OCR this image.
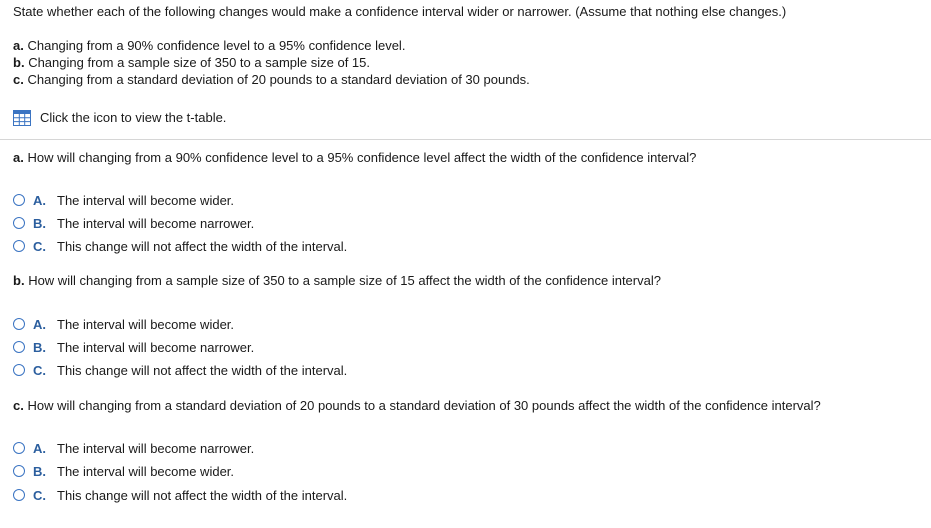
State whether each of the following changes would make a confidence interval wider or narrower. (Assume that nothing else changes.)
a. Changing from a 90% confidence level to a 95% confidence level.
b. Changing from a sample size of 350 to a sample size of 15.
c. Changing from a standard deviation of 20 pounds to a standard deviation of 30 pounds.
Click the icon to view the t-table.
a. How will changing from a 90% confidence level to a 95% confidence level affect the width of the confidence interval?
A. The interval will become wider.
B. The interval will become narrower.
C. This change will not affect the width of the interval.
b. How will changing from a sample size of 350 to a sample size of 15 affect the width of the confidence interval?
A. The interval will become wider.
B. The interval will become narrower.
C. This change will not affect the width of the interval.
c. How will changing from a standard deviation of 20 pounds to a standard deviation of 30 pounds affect the width of the confidence interval?
A. The interval will become narrower.
B. The interval will become wider.
C. This change will not affect the width of the interval.
